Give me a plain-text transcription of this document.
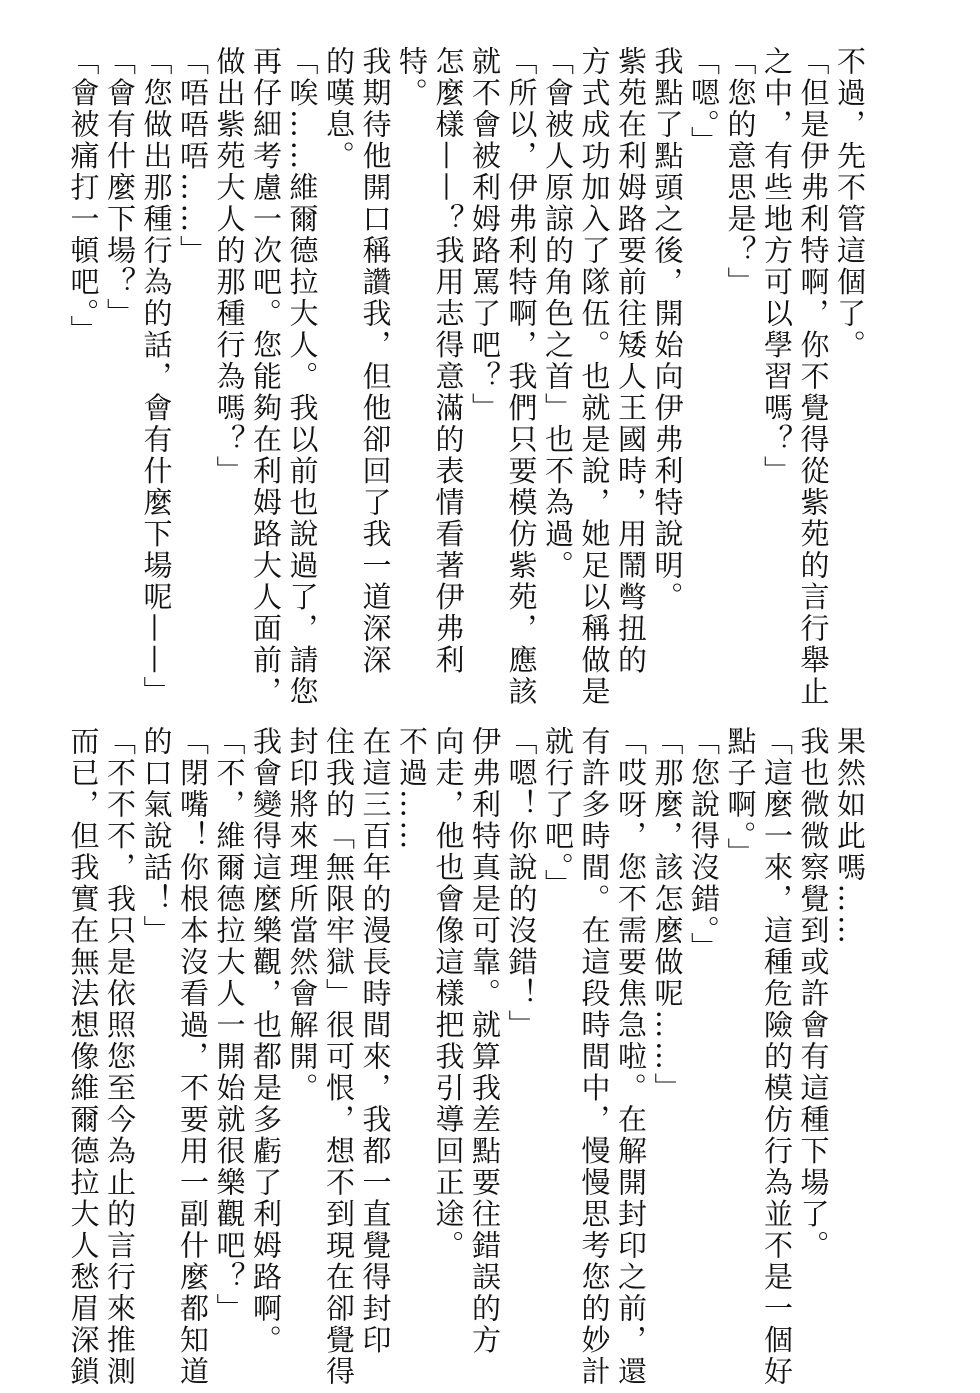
不過，先不管這個了。
「但是伊弗利特啊，你不覺得從紫苑的言行舉止
之中，有些地方可以學習嗎？」
「您的意思是？」
「嗯。」
我點了點頭之後，開始向伊弗利特說明。
紫苑在利姆路要前往矮人王國時，用鬧彆扭的
方式成功加入了隊伍。也就是說，她足以稱做是
「會被人原諒的角色之首」也不為過。
「所以，伊弗利特啊，我們只要模仿紫苑，應該
就不會被利姆路罵了吧？」
怎麼樣——？我用志得意滿的表情看著伊弗利
特。
我期待他開口稱讚我，但他卻回了我一道深深
的嘆息。
「唉……維爾德拉大人。我以前也說過了，請您
再仔細考慮一次吧。您能夠在利姆路大人面前，
做出紫苑大人的那種行為嗎？」
「唔唔唔……」
「您做出那種行為的話，會有什麼下場呢——」
「會有什麼下場？」
「會被痛打一頓吧。」
果然如此嗎……
我也微微察覺到或許會有這種下場了。
「這麼一來，這種危險的模仿行為並不是一個好
點子啊。」
「您說得沒錯。」
「那麼，該怎麼做呢……」
「哎呀，您不需要焦急啦。在解開封印之前，還
有許多時間。在這段時間中，慢慢思考您的妙計
就行了吧。」
「嗯！你說的沒錯！」
伊弗利特真是可靠。就算我差點要往錯誤的方
向走，他也會像這樣把我引導回正途。
不過……
在這三百年的漫長時間來，我都一直覺得封印
住我的「無限牢獄」很可恨，想不到現在卻覺得
封印將來理所當然會解開。
我會變得這麼樂觀，也都是多虧了利姆路啊。
「不，維爾德拉大人一開始就很樂觀吧？」
「閉嘴！你根本沒看過，不要用一副什麼都知道
的口氣說話！」
「不不不，我只是依照您至今為止的言行來推測
而已，但我實在無法想像維爾德拉大人愁眉深鎖
